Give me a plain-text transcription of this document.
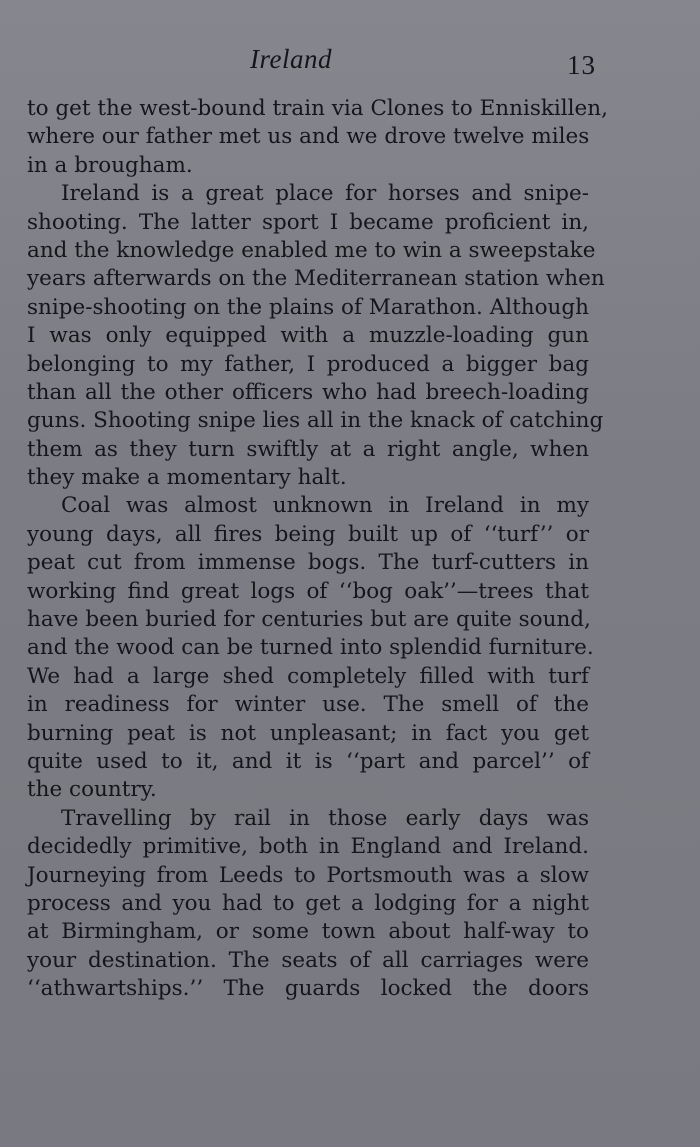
Ireland	13
to get the west-bound train via Clones to Enniskillen,
where our father met us and we drove twelve miles
in a brougham.
Ireland is a great place for horses and snipe-
shooting. The latter sport I became proficient in,
and the knowledge enabled me to win a sweepstake
years afterwards on the Mediterranean station when
snipe-shooting on the plains of Marathon. Although
I was only equipped with a muzzle-loading gun
belonging to my father, I produced a bigger bag
than all the other officers who had breech-loading
guns. Shooting snipe lies all in the knack of catching
them as they turn swiftly at a right angle, when
they make a momentary halt.
Coal was almost unknown in Ireland in my
young days, all fires being built up of ‘‘turf’’ or
peat cut from immense bogs. The turf-cutters in
working find great logs of ‘‘bog oak’’—trees that
have been buried for centuries but are quite sound,
and the wood can be turned into splendid furniture.
We had a large shed completely filled with turf
in readiness for winter use. The smell of the
burning peat is not unpleasant; in fact you get
quite used to it, and it is ‘‘part and parcel’’ of
the country.
Travelling by rail in those early days was
decidedly primitive, both in England and Ireland.
Journeying from Leeds to Portsmouth was a slow
process and you had to get a lodging for a night
at Birmingham, or some town about half-way to
your destination. The seats of all carriages were
‘‘athwartships.’’ The guards locked the doors
